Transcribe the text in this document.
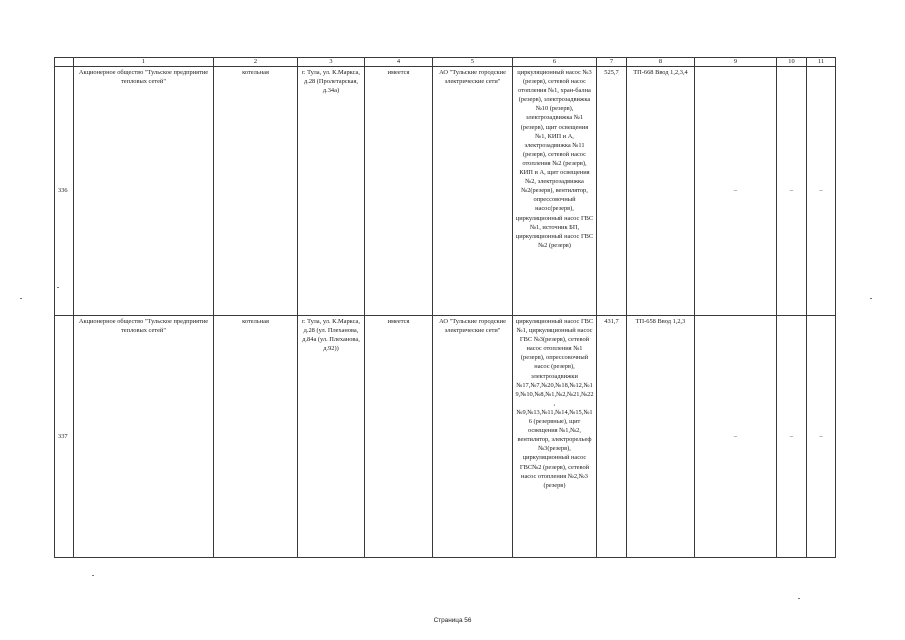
	1	2	3	4	5	6	7	8	9	10	11
336	Акционерное общество "Тульское предприятие тепловых сетей"	котельная	г. Тула, ул. К.Маркса, д.28 (Пролетарская, д.34а)	имеется	АО "Тульские городские электрические сети"	циркуляционный насос №3 (резерв), сетевой насос отопления №1, хран-бална (резерв), электрозадвижка №10 (резерв), электрозадвижка №1 (резерв), щит освещения №1, КИП и А, электрозадвижка №11 (резерв), сетевой насос отопления №2 (резерв), КИП и А, щит освещения №2, электрозадвижка №2(резерв), вентилятор, опрессовочный насос(резерв), циркуляционный насос ГВС №1, источник БП, циркуляционный насос ГВС №2 (резерв)	525,7	ТП-668 Ввод 1,2,3,4	–	–	–
337	Акционерное общество "Тульское предприятие тепловых сетей"	котельная	г. Тула, ул. К.Маркса, д.28 (ул. Плеханова, д.84а (ул. Плеханова, д.92))	имеется	АО "Тульские городские электрические сети"	циркуляционный насос ГВС №1, циркуляционный насос ГВС №3(резерв), сетевой насос отопления №1 (резерв), опрессовочный насос (резерв), электрозадвижки №17,№7,№20,№18,№12,№19,№10,№8,№1,№2,№21,№22,№9,№13,№11,№14,№15,№16 (резервные), щит освещения №1,№2, вентилятор, электрорельеф №3(резерв), циркуляционный насос ГВС№2 (резерв), сетевой насос отопления №2,№3 (резерв)	431,7	ТП-658 Ввод 1,2,3	–	–	–
Страница 56
